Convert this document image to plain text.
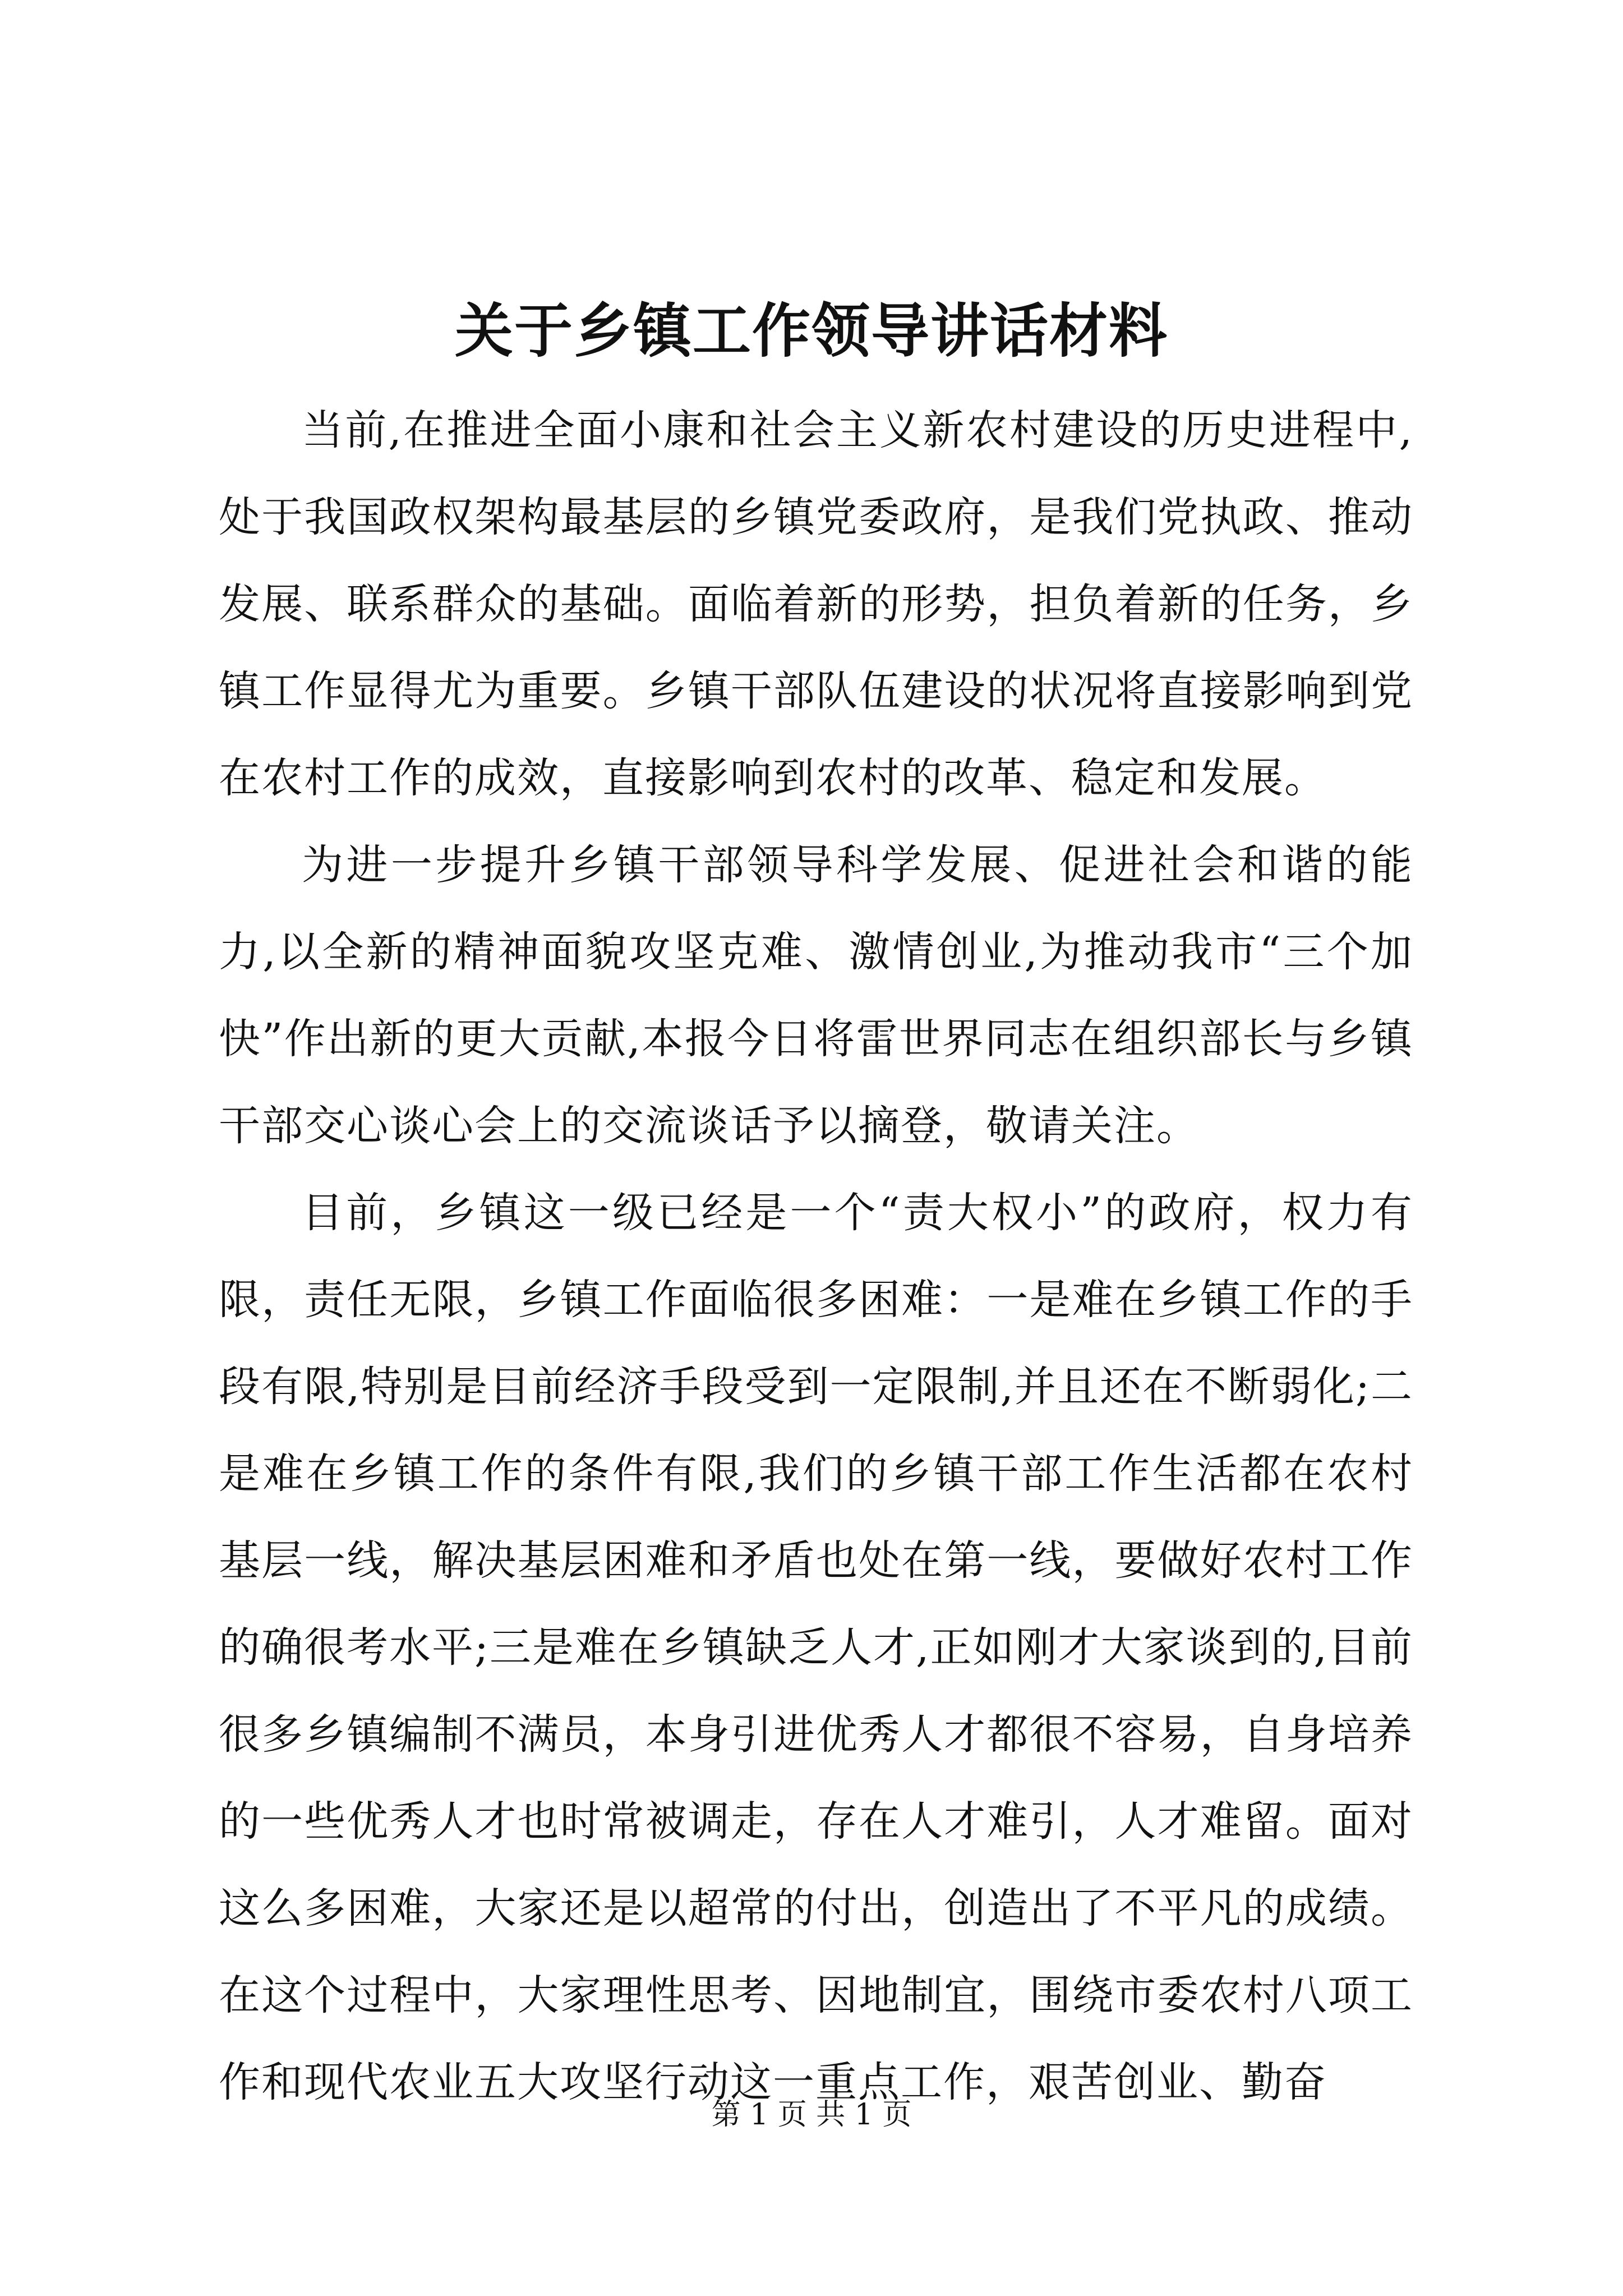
关于乡镇工作领导讲话材料

当前,在推进全面小康和社会主义新农村建设的历史进程中,处于我国政权架构最基层的乡镇党委政府，是我们党执政、推动发展、联系群众的基础。面临着新的形势，担负着新的任务，乡镇工作显得尤为重要。乡镇干部队伍建设的状况将直接影响到党在农村工作的成效，直接影响到农村的改革、稳定和发展。

为进一步提升乡镇干部领导科学发展、促进社会和谐的能力,以全新的精神面貌攻坚克难、激情创业,为推动我市“三个加快”作出新的更大贡献,本报今日将雷世界同志在组织部长与乡镇干部交心谈心会上的交流谈话予以摘登，敬请关注。

目前，乡镇这一级已经是一个“责大权小”的政府，权力有限，责任无限，乡镇工作面临很多困难：一是难在乡镇工作的手段有限,特别是目前经济手段受到一定限制,并且还在不断弱化;二是难在乡镇工作的条件有限,我们的乡镇干部工作生活都在农村基层一线，解决基层困难和矛盾也处在第一线，要做好农村工作的确很考水平;三是难在乡镇缺乏人才,正如刚才大家谈到的,目前很多乡镇编制不满员，本身引进优秀人才都很不容易，自身培养的一些优秀人才也时常被调走，存在人才难引，人才难留。面对这么多困难，大家还是以超常的付出，创造出了不平凡的成绩。在这个过程中，大家理性思考、因地制宜，围绕市委农村八项工作和现代农业五大攻坚行动这一重点工作，艰苦创业、勤奋

第 1 页 共 1 页
